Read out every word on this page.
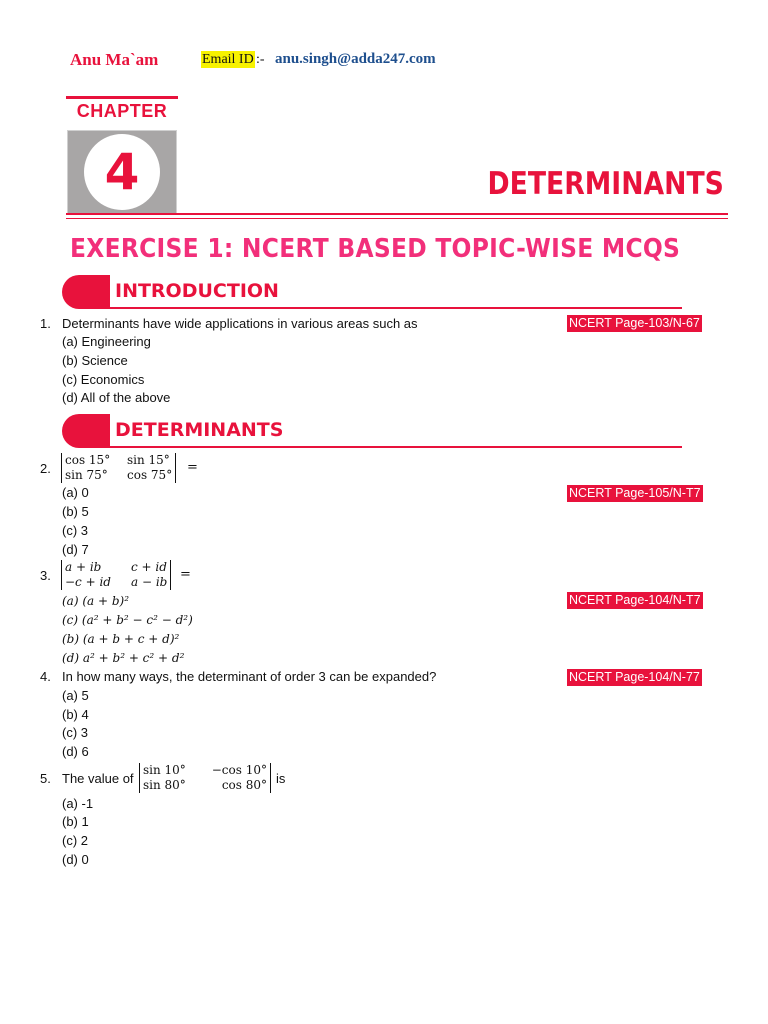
Anu Ma`am	Email ID :- anu.singh@adda247.com
CHAPTER
4	DETERMINANTS
EXERCISE 1: NCERT BASED TOPIC-WISE MCQS
INTRODUCTION
1. Determinants have wide applications in various areas such as	NCERT Page-103/N-67
(a) Engineering
(b) Science
(c) Economics
(d) All of the above
DETERMINANTS
2.
cos 15°	sin 15°
sin 75°	cos 75° =
NCERT Page-105/N-T7
(a) 0
(b) 5
(c) 3
(d) 7
3.
a + ib	c + id
−c + id	a − ib =
NCERT Page-104/N-T7
(a) (a + b)²
(c) (a² + b² − c² − d²)
(b) (a + b + c + d)²
(d) a² + b² + c² + d²
4. In how many ways, the determinant of order 3 can be expanded?	NCERT Page-104/N-77
(a) 5
(b) 4
(c) 3
(d) 6
5. The value of
sin 10°	−cos 10°
sin 80°	cos 80° is
(a) -1
(b) 1
(c) 2
(d) 0
